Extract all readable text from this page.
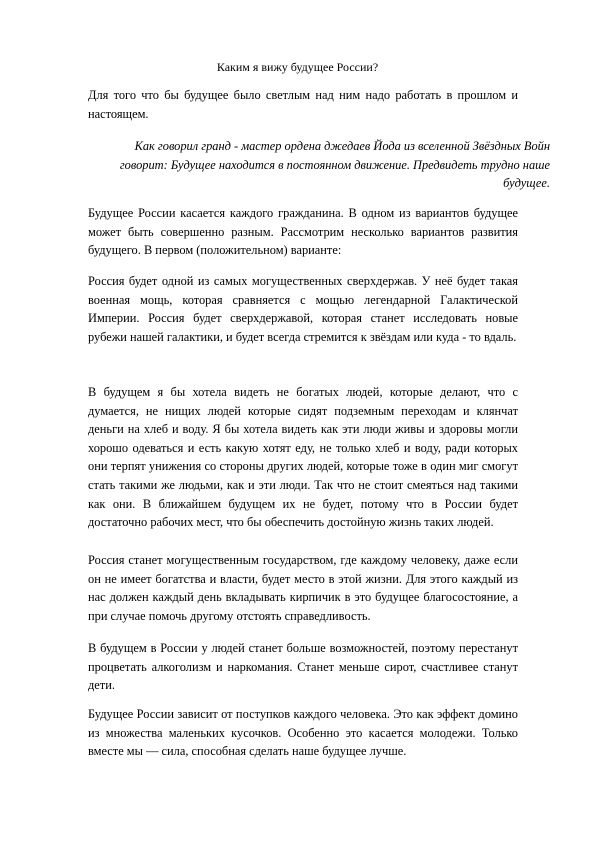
Каким я вижу будущее России?

Для того что бы будущее было светлым над ним надо работать в прошлом и настоящем.

Как говорил гранд - мастер ордена джедаев Йода из вселенной Звёздных Войн говорит: Будущее находится в постоянном движение. Предвидеть трудно наше будущее.

Будущее России касается каждого гражданина. В одном из вариантов будущее может быть совершенно разным. Рассмотрим несколько вариантов развития будущего. В первом (положительном) варианте:

Россия будет одной из самых могущественных сверхдержав. У неё будет такая военная мощь, которая сравняется с мощью легендарной Галактической Империи. Россия будет сверхдержавой, которая станет исследовать новые рубежи нашей галактики, и будет всегда стремится к звёздам или куда - то вдаль.

В будущем я бы хотела видеть не богатых людей, которые делают, что с думается, не нищих людей которые сидят подземным переходам и клянчат деньги на хлеб и воду. Я бы хотела видеть как эти люди живы и здоровы могли хорошо одеваться и есть какую хотят еду, не только хлеб и воду, ради которых они терпят унижения со стороны других людей, которые тоже в один миг смогут стать такими же людьми, как и эти люди. Так что не стоит смеяться над такими как они. В ближайшем будущем их не будет, потому что в России будет достаточно рабочих мест, что бы обеспечить достойную жизнь таких людей.

Россия станет могущественным государством, где каждому человеку, даже если он не имеет богатства и власти, будет место в этой жизни. Для этого каждый из нас должен каждый день вкладывать кирпичик в это будущее благосостояние, а при случае помочь другому отстоять справедливость.

В будущем в России у людей станет больше возможностей, поэтому перестанут процветать алкоголизм и наркомания. Станет меньше сирот, счастливее станут дети.

Будущее России зависит от поступков каждого человека. Это как эффект домино из множества маленьких кусочков. Особенно это касается молодежи. Только вместе мы — сила, способная сделать наше будущее лучше.
